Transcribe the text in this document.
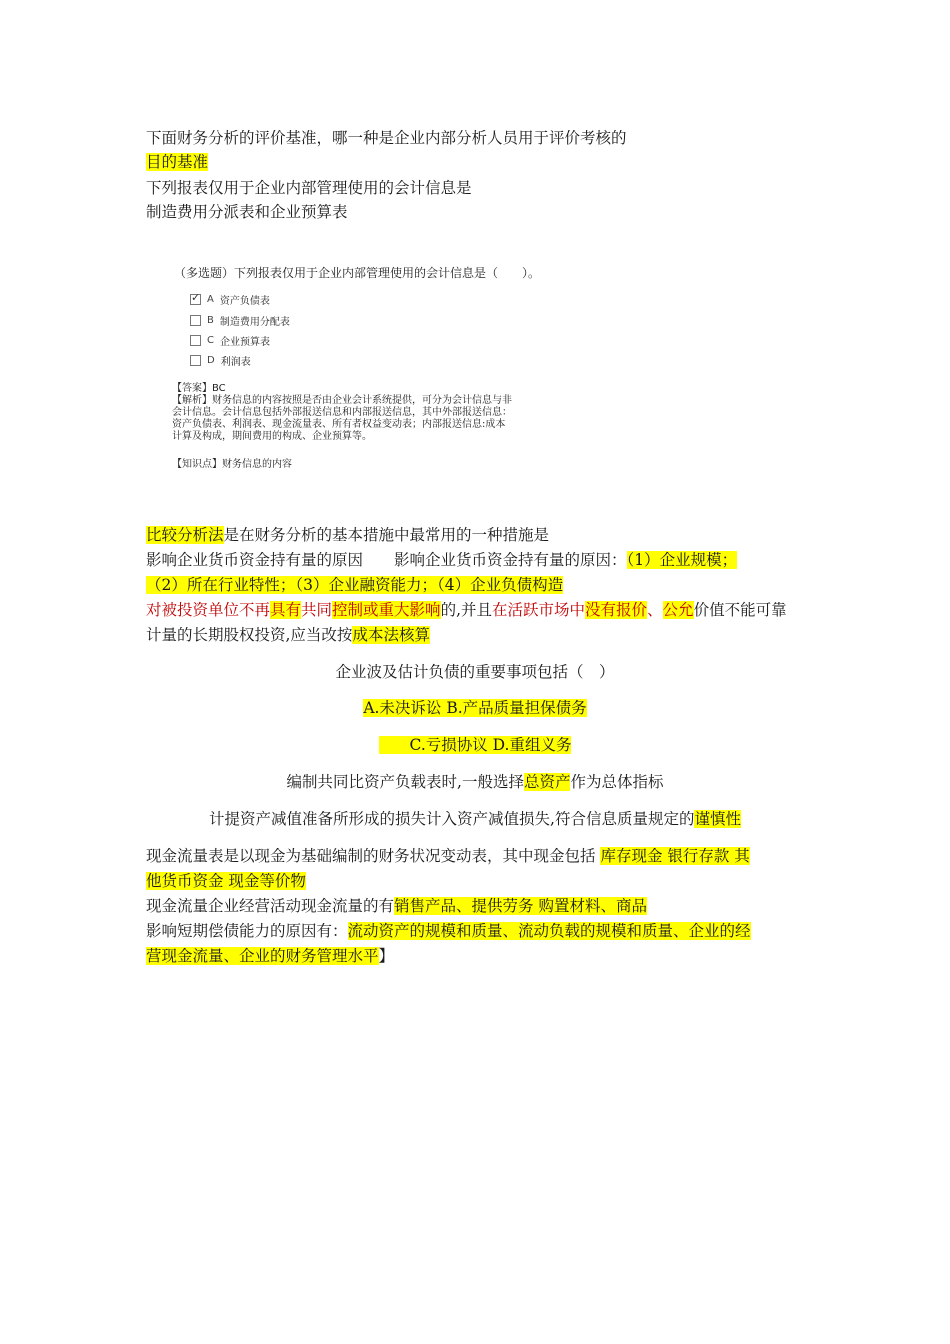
下面财务分析的评价基准，哪一种是企业内部分析人员用于评价考核的
目的基准
下列报表仅用于企业内部管理使用的会计信息是
制造费用分派表和企业预算表
（多选题）下列报表仅用于企业内部管理使用的会计信息是（　　）。
✓
A 资产负债表
B 制造费用分配表
C 企业预算表
D 利润表
【答案】BC
【解析】财务信息的内容按照是否由企业会计系统提供，可分为会计信息与非
会计信息。会计信息包括外部报送信息和内部报送信息，其中外部报送信息：
资产负债表、利润表、现金流量表、所有者权益变动表；内部报送信息:成本
计算及构成，期间费用的构成、企业预算等。
【知识点】财务信息的内容
比较分析法是在财务分析的基本措施中最常用的一种措施是
影响企业货币资金持有量的原因　　影响企业货币资金持有量的原因：（1）企业规模；
（2）所在行业特性；（3）企业融资能力；（4）企业负债构造
对被投资单位不再具有共同控制或重大影响的,并且在活跃市场中没有报价、公允价值不能可靠
计量的长期股权投资,应当改按成本法核算
企业波及估计负债的重要事项包括（　）
A.未决诉讼 B.产品质量担保债务
　　C.亏损协议 D.重组义务
编制共同比资产负载表时,一般选择总资产作为总体指标
计提资产减值准备所形成的损失计入资产减值损失,符合信息质量规定的谨慎性
现金流量表是以现金为基础编制的财务状况变动表，其中现金包括 库存现金 银行存款 其
他货币资金 现金等价物
现金流量企业经营活动现金流量的有销售产品、提供劳务 购置材料、商品
影响短期偿债能力的原因有：流动资产的规模和质量、流动负载的规模和质量、企业的经
营现金流量、企业的财务管理水平】
